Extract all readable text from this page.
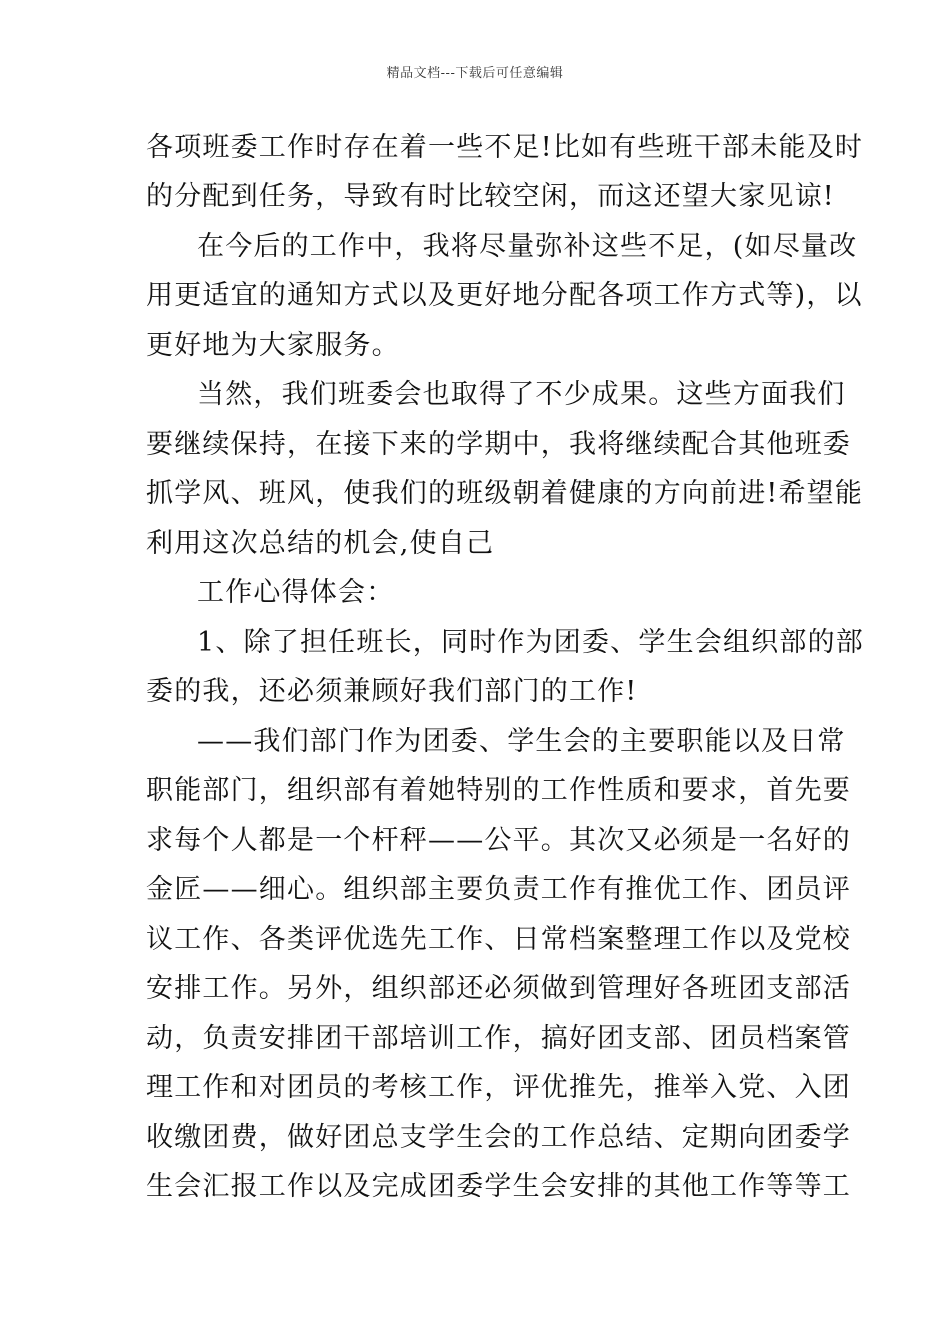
精品文档---下载后可任意编辑
各项班委工作时存在着一些不足!比如有些班干部未能及时
的分配到任务，导致有时比较空闲，而这还望大家见谅!
在今后的工作中，我将尽量弥补这些不足，(如尽量改
用更适宜的通知方式以及更好地分配各项工作方式等)，以
更好地为大家服务。
当然，我们班委会也取得了不少成果。这些方面我们
要继续保持，在接下来的学期中，我将继续配合其他班委
抓学风、班风，使我们的班级朝着健康的方向前进!希望能
利用这次总结的机会,使自己
工作心得体会：
1、除了担任班长，同时作为团委、学生会组织部的部
委的我，还必须兼顾好我们部门的工作!
——我们部门作为团委、学生会的主要职能以及日常
职能部门，组织部有着她特别的工作性质和要求，首先要
求每个人都是一个杆秤——公平。其次又必须是一名好的
金匠——细心。组织部主要负责工作有推优工作、团员评
议工作、各类评优选先工作、日常档案整理工作以及党校
安排工作。另外，组织部还必须做到管理好各班团支部活
动，负责安排团干部培训工作，搞好团支部、团员档案管
理工作和对团员的考核工作，评优推先，推举入党、入团
收缴团费，做好团总支学生会的工作总结、定期向团委学
生会汇报工作以及完成团委学生会安排的其他工作等等工
